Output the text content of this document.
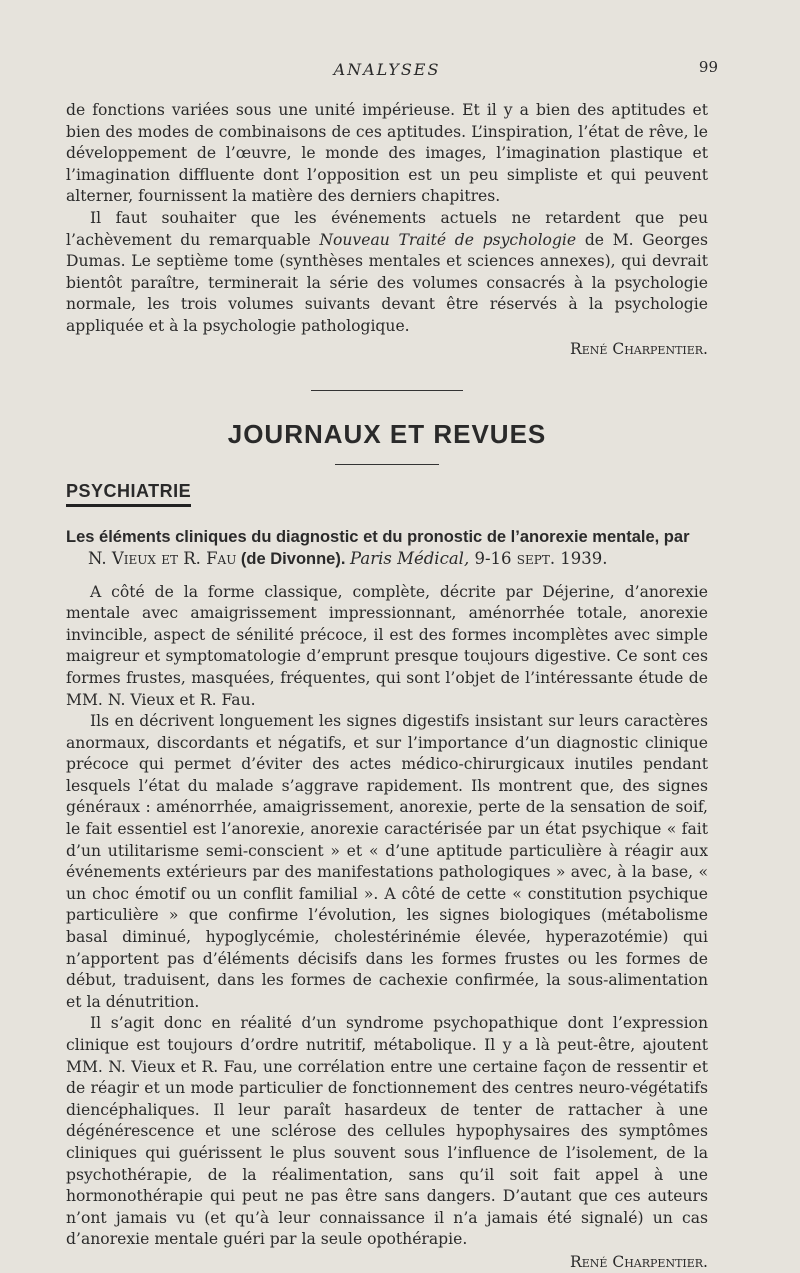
ANALYSES	99

de fonctions variées sous une unité impérieuse. Et il y a bien des aptitudes et bien des modes de combinaisons de ces aptitudes. L’inspiration, l’état de rêve, le développement de l’œuvre, le monde des images, l’imagination plastique et l’imagination diffluente dont l’opposition est un peu simpliste et qui peuvent alterner, fournissent la matière des derniers chapitres.

Il faut souhaiter que les événements actuels ne retardent que peu l’achèvement du remarquable Nouveau Traité de psychologie de M. Georges Dumas. Le septième tome (synthèses mentales et sciences annexes), qui devrait bientôt paraître, terminerait la série des volumes consacrés à la psychologie normale, les trois volumes suivants devant être réservés à la psychologie appliquée et à la psychologie pathologique.

René Charpentier.

JOURNAUX ET REVUES
PSYCHIATRIE
Les éléments cliniques du diagnostic et du pronostic de l’anorexie mentale, par N. Vieux et R. Fau (de Divonne). Paris Médical, 9-16 sept. 1939.

A côté de la forme classique, complète, décrite par Déjerine, d’anorexie mentale avec amaigrissement impressionnant, aménorrhée totale, anorexie invincible, aspect de sénilité précoce, il est des formes incomplètes avec simple maigreur et symptomatologie d’emprunt presque toujours digestive. Ce sont ces formes frustes, masquées, fréquentes, qui sont l’objet de l’intéressante étude de MM. N. Vieux et R. Fau.

Ils en décrivent longuement les signes digestifs insistant sur leurs caractères anormaux, discordants et négatifs, et sur l’importance d’un diagnostic clinique précoce qui permet d’éviter des actes médico-chirurgicaux inutiles pendant lesquels l’état du malade s’aggrave rapidement. Ils montrent que, des signes généraux : aménorrhée, amaigrissement, anorexie, perte de la sensation de soif, le fait essentiel est l’anorexie, anorexie caractérisée par un état psychique « fait d’un utilitarisme semi-conscient » et « d’une aptitude particulière à réagir aux événements extérieurs par des manifestations pathologiques » avec, à la base, « un choc émotif ou un conflit familial ». A côté de cette « constitution psychique particulière » que confirme l’évolution, les signes biologiques (métabolisme basal diminué, hypoglycémie, cholestérinémie élevée, hyperazotémie) qui n’apportent pas d’éléments décisifs dans les formes frustes ou les formes de début, traduisent, dans les formes de cachexie confirmée, la sous-alimentation et la dénutrition.

Il s’agit donc en réalité d’un syndrome psychopathique dont l’expression clinique est toujours d’ordre nutritif, métabolique. Il y a là peut-être, ajoutent MM. N. Vieux et R. Fau, une corrélation entre une certaine façon de ressentir et de réagir et un mode particulier de fonctionnement des centres neuro-végétatifs diencéphaliques. Il leur paraît hasardeux de tenter de rattacher à une dégénérescence et une sclérose des cellules hypophysaires des symptômes cliniques qui guérissent le plus souvent sous l’influence de l’isolement, de la psychothérapie, de la réalimentation, sans qu’il soit fait appel à une hormonothérapie qui peut ne pas être sans dangers. D’autant que ces auteurs n’ont jamais vu (et qu’à leur connaissance il n’a jamais été signalé) un cas d’anorexie mentale guéri par la seule opothérapie.

René Charpentier.
